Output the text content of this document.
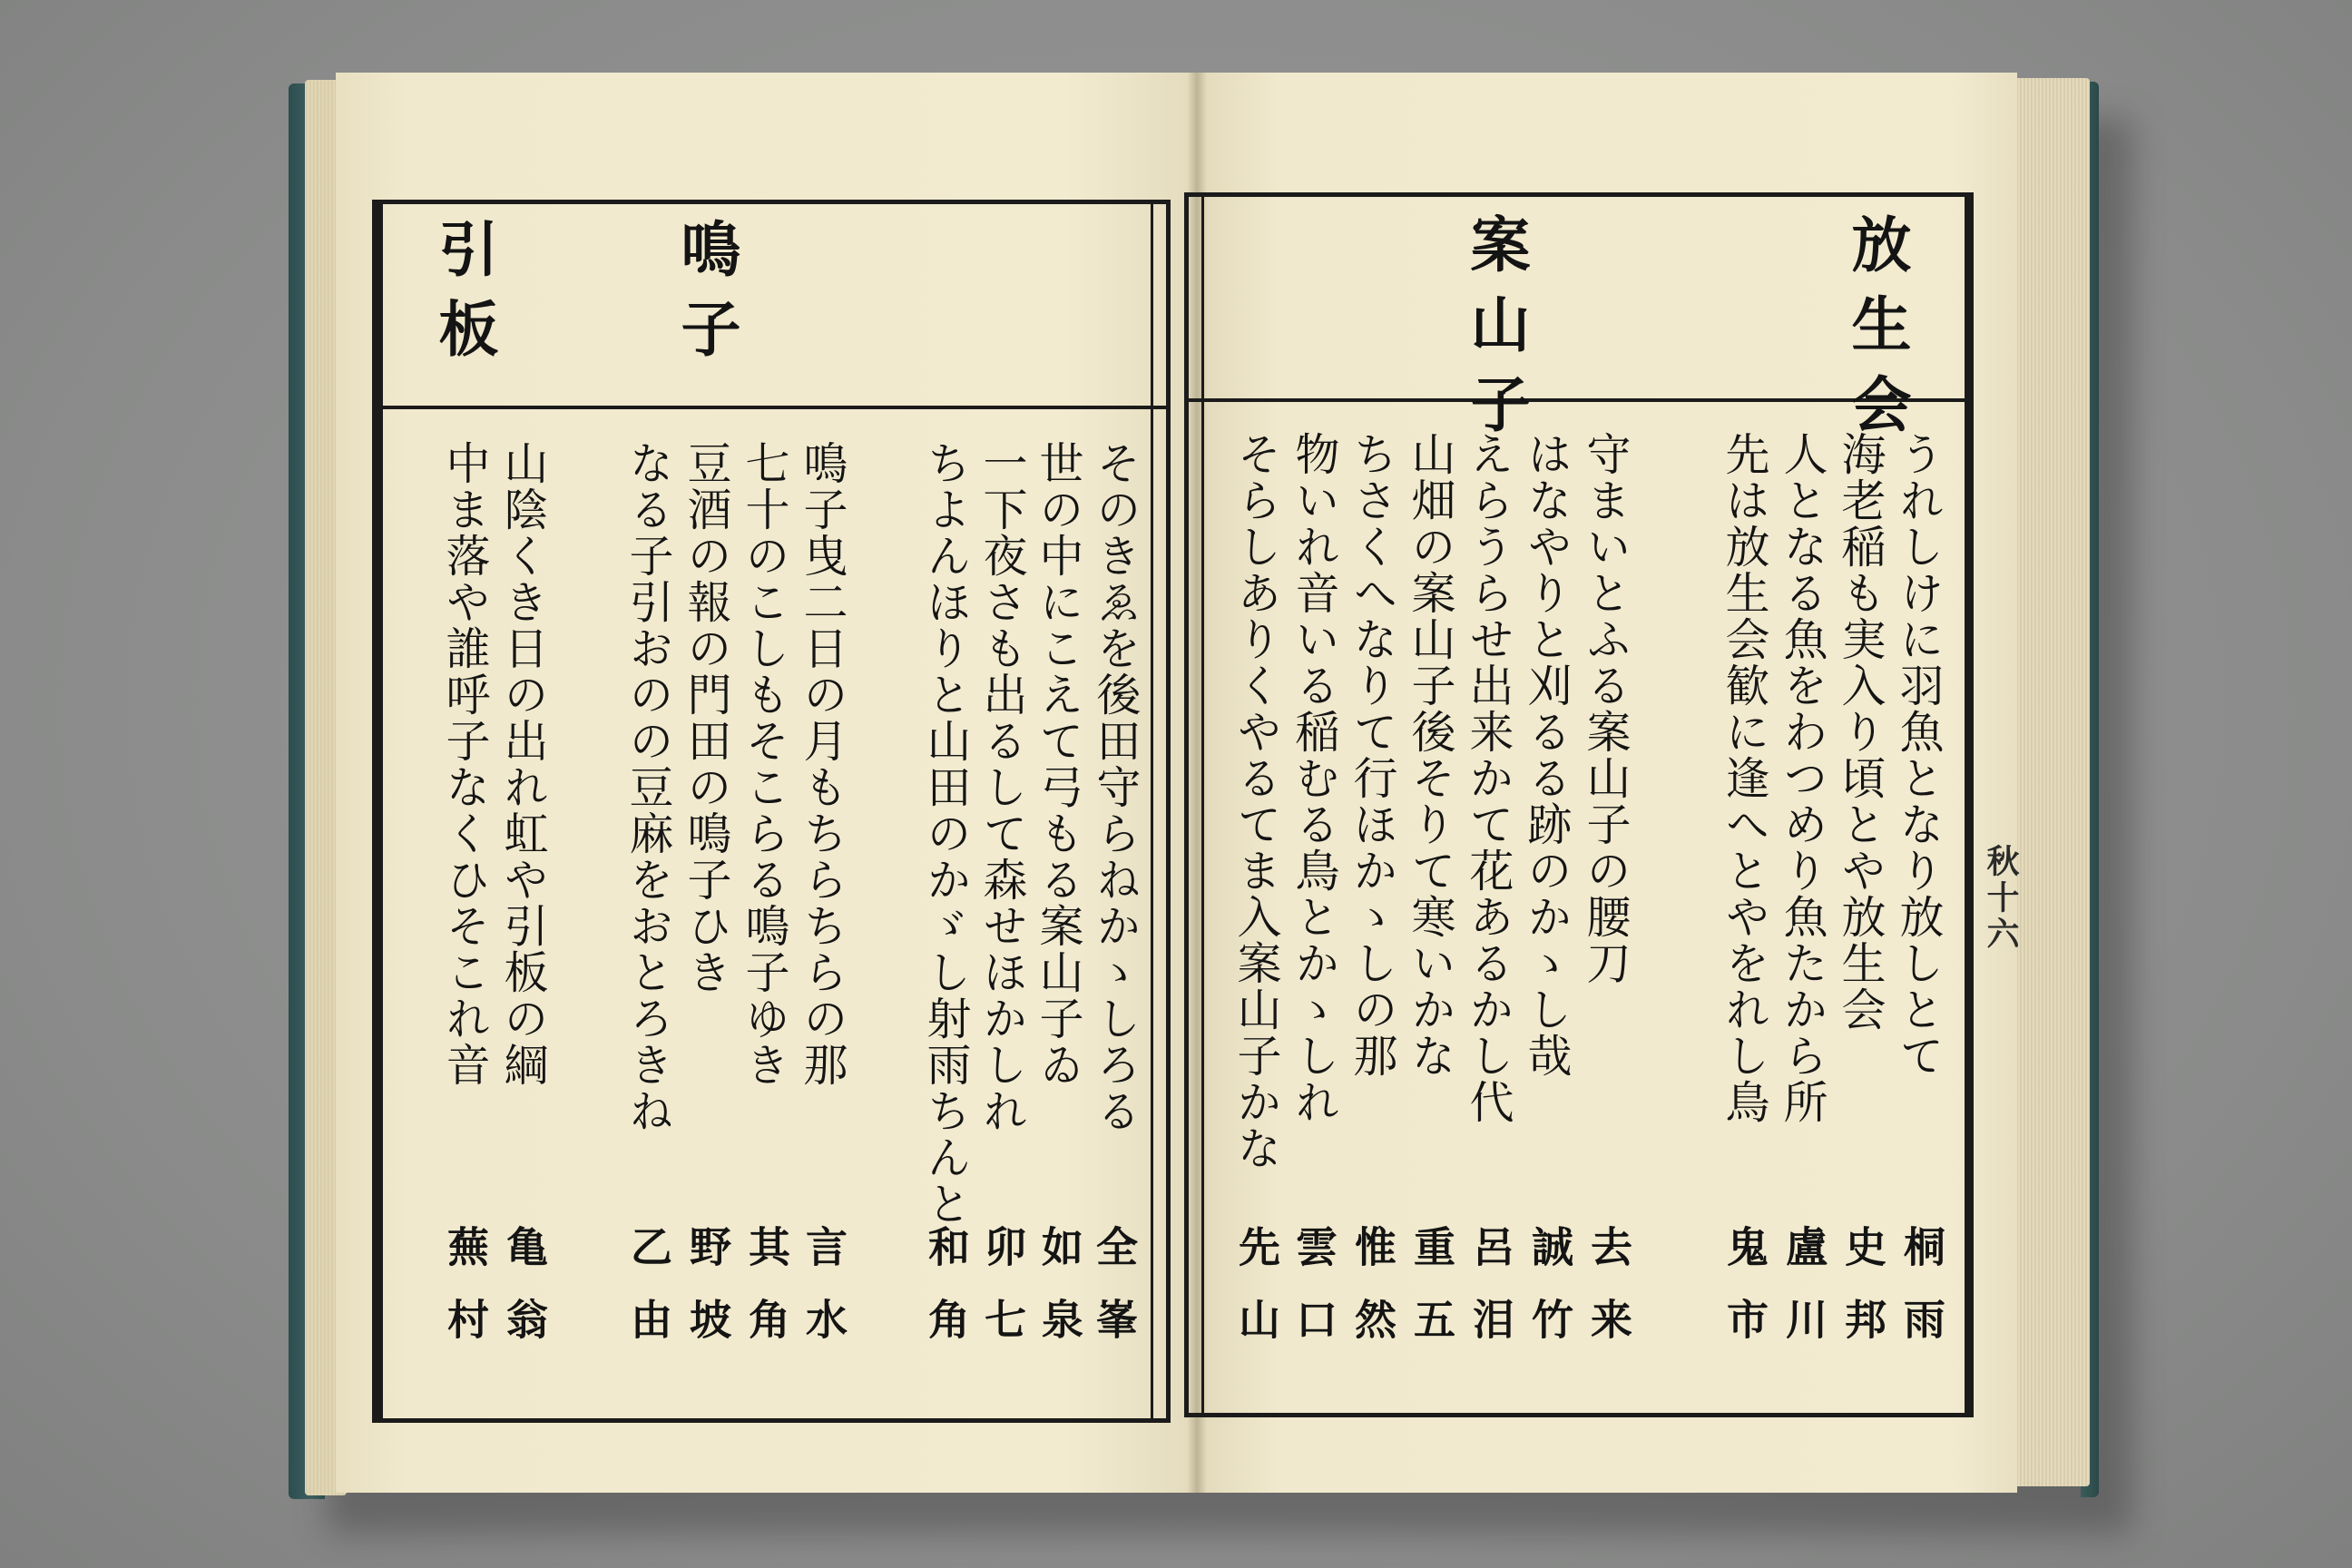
鳴子
引板
そのきゑを後田守らねかゝしろる
世の中にこえて弓もる案山子ゐ
一下夜さも出るして森せほかしれ
ちよんほりと山田のかゞし射雨ちんと
鳴子曳二日の月もちらちらの那
七十のこしもそこらる鳴子ゆき
豆酒の報の門田の鳴子ひき
なる子引おのの豆麻をおとろきね
山陰くき日の出れ虹や引板の綱
中ま落や誰呼子なくひそこれ音
全峯
如泉
卯七
和角
言水
其角
野坡
乙由
亀翁
蕪村
放生会
案山子
うれしけに羽魚となり放しとて
海老稲も実入り頃とや放生会
人となる魚をわつめり魚たから所
先は放生会歓に逢へとやをれし鳥
守まいとふる案山子の腰刀
はなやりと刈るる跡のかゝし哉
えらうらせ出来かて花あるかし代
山畑の案山子後そりて寒いかな
ちさくへなりて行ほかゝしの那
物いれ音いる稲むる鳥とかゝしれ
そらしありくやるてま入案山子かな
桐雨
史邦
盧川
鬼市
去来
誠竹
呂泪
重五
惟然
雲口
先山
秋十六
